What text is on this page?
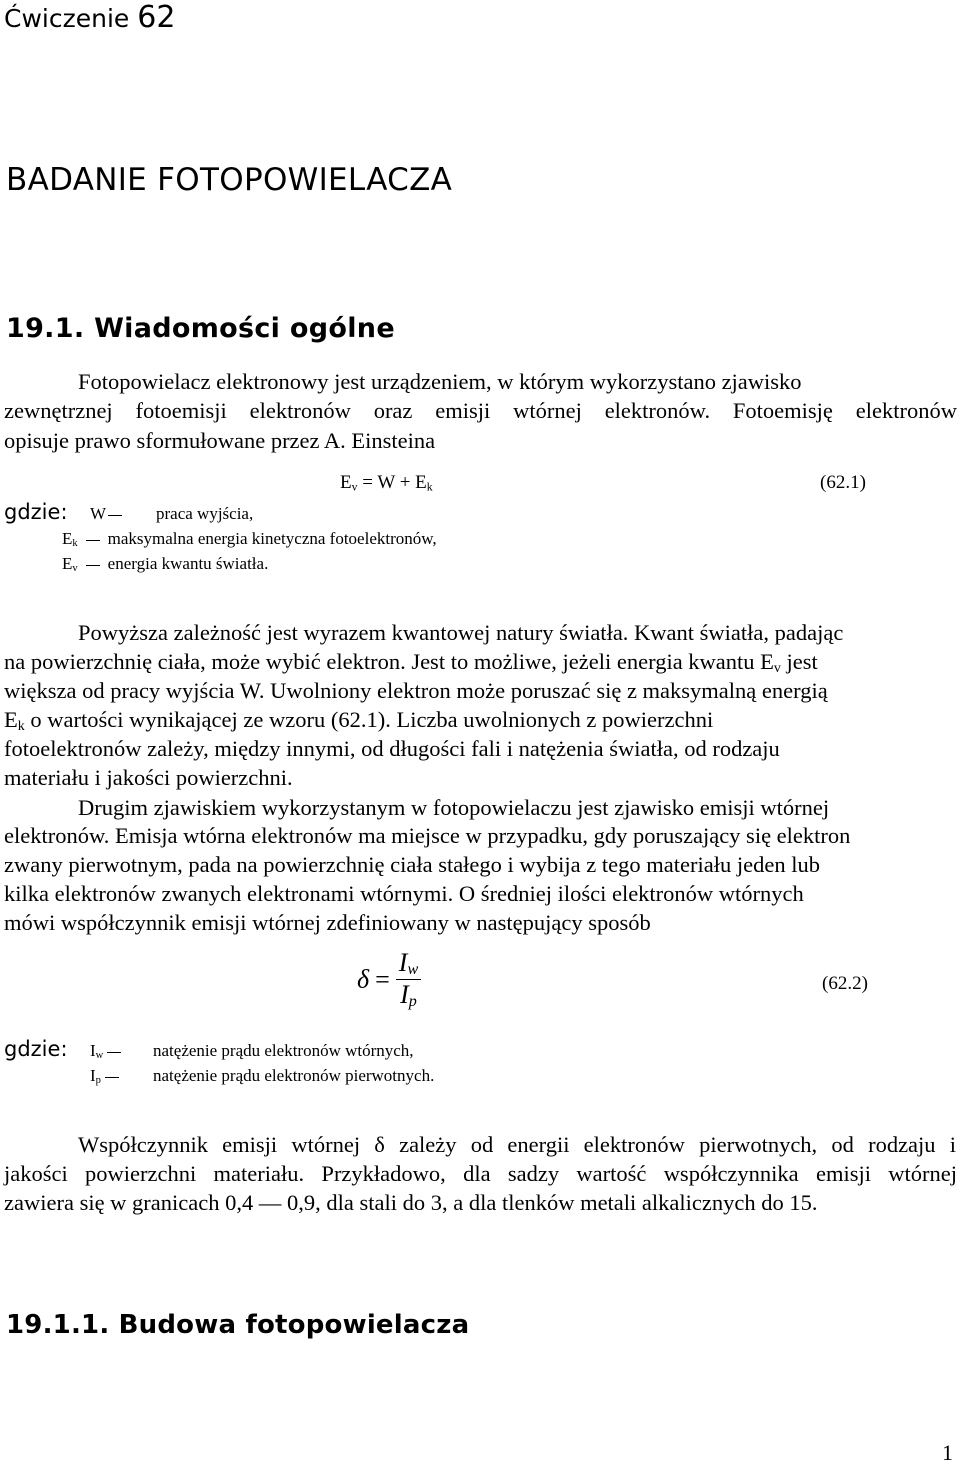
Ćwiczenie 62
BADANIE FOTOPOWIELACZA
19.1. Wiadomości ogólne
Fotopowielacz elektronowy jest urządzeniem, w którym wykorzystano zjawisko
zewnętrznej fotoemisji elektronów oraz emisji wtórnej elektronów. Fotoemisję elektronów
opisuje prawo sformułowane przez A. Einsteina
$E_v = W + E_k$	(62.1)
gdzie: W	praca wyjścia,
$E_k$ maksymalna energia kinetyczna fotoelektronów,
$E_v$ energia kwantu światła.
Powyższa zależność jest wyrazem kwantowej natury światła. Kwant światła, padając
na powierzchnię ciała, może wybić elektron. Jest to możliwe, jeżeli energia kwantu $E_v$ jest
większa od pracy wyjścia W. Uwolniony elektron może poruszać się z maksymalną energią
$E_k$ o wartości wynikającej ze wzoru (62.1). Liczba uwolnionych z powierzchni
fotoelektronów zależy, między innymi, od długości fali i natężenia światła, od rodzaju
materiału i jakości powierzchni.
Drugim zjawiskiem wykorzystanym w fotopowielaczu jest zjawisko emisji wtórnej
elektronów. Emisja wtórna elektronów ma miejsce w przypadku, gdy poruszający się elektron
zwany pierwotnym, pada na powierzchnię ciała stałego i wybija z tego materiału jeden lub
kilka elektronów zwanych elektronami wtórnymi. O średniej ilości elektronów wtórnych
mówi współczynnik emisji wtórnej zdefiniowany w następujący sposób
$\delta = \frac{I_w}{I_p}$	(62.2)
gdzie: $I_w$	natężenie prądu elektronów wtórnych,
$I_p$	natężenie prądu elektronów pierwotnych.
Współczynnik emisji wtórnej δ zależy od energii elektronów pierwotnych, od rodzaju i
jakości powierzchni materiału. Przykładowo, dla sadzy wartość współczynnika emisji wtórnej
zawiera się w granicach 0,4 — 0,9, dla stali do 3, a dla tlenków metali alkalicznych do 15.
19.1.1. Budowa fotopowielacza
1
